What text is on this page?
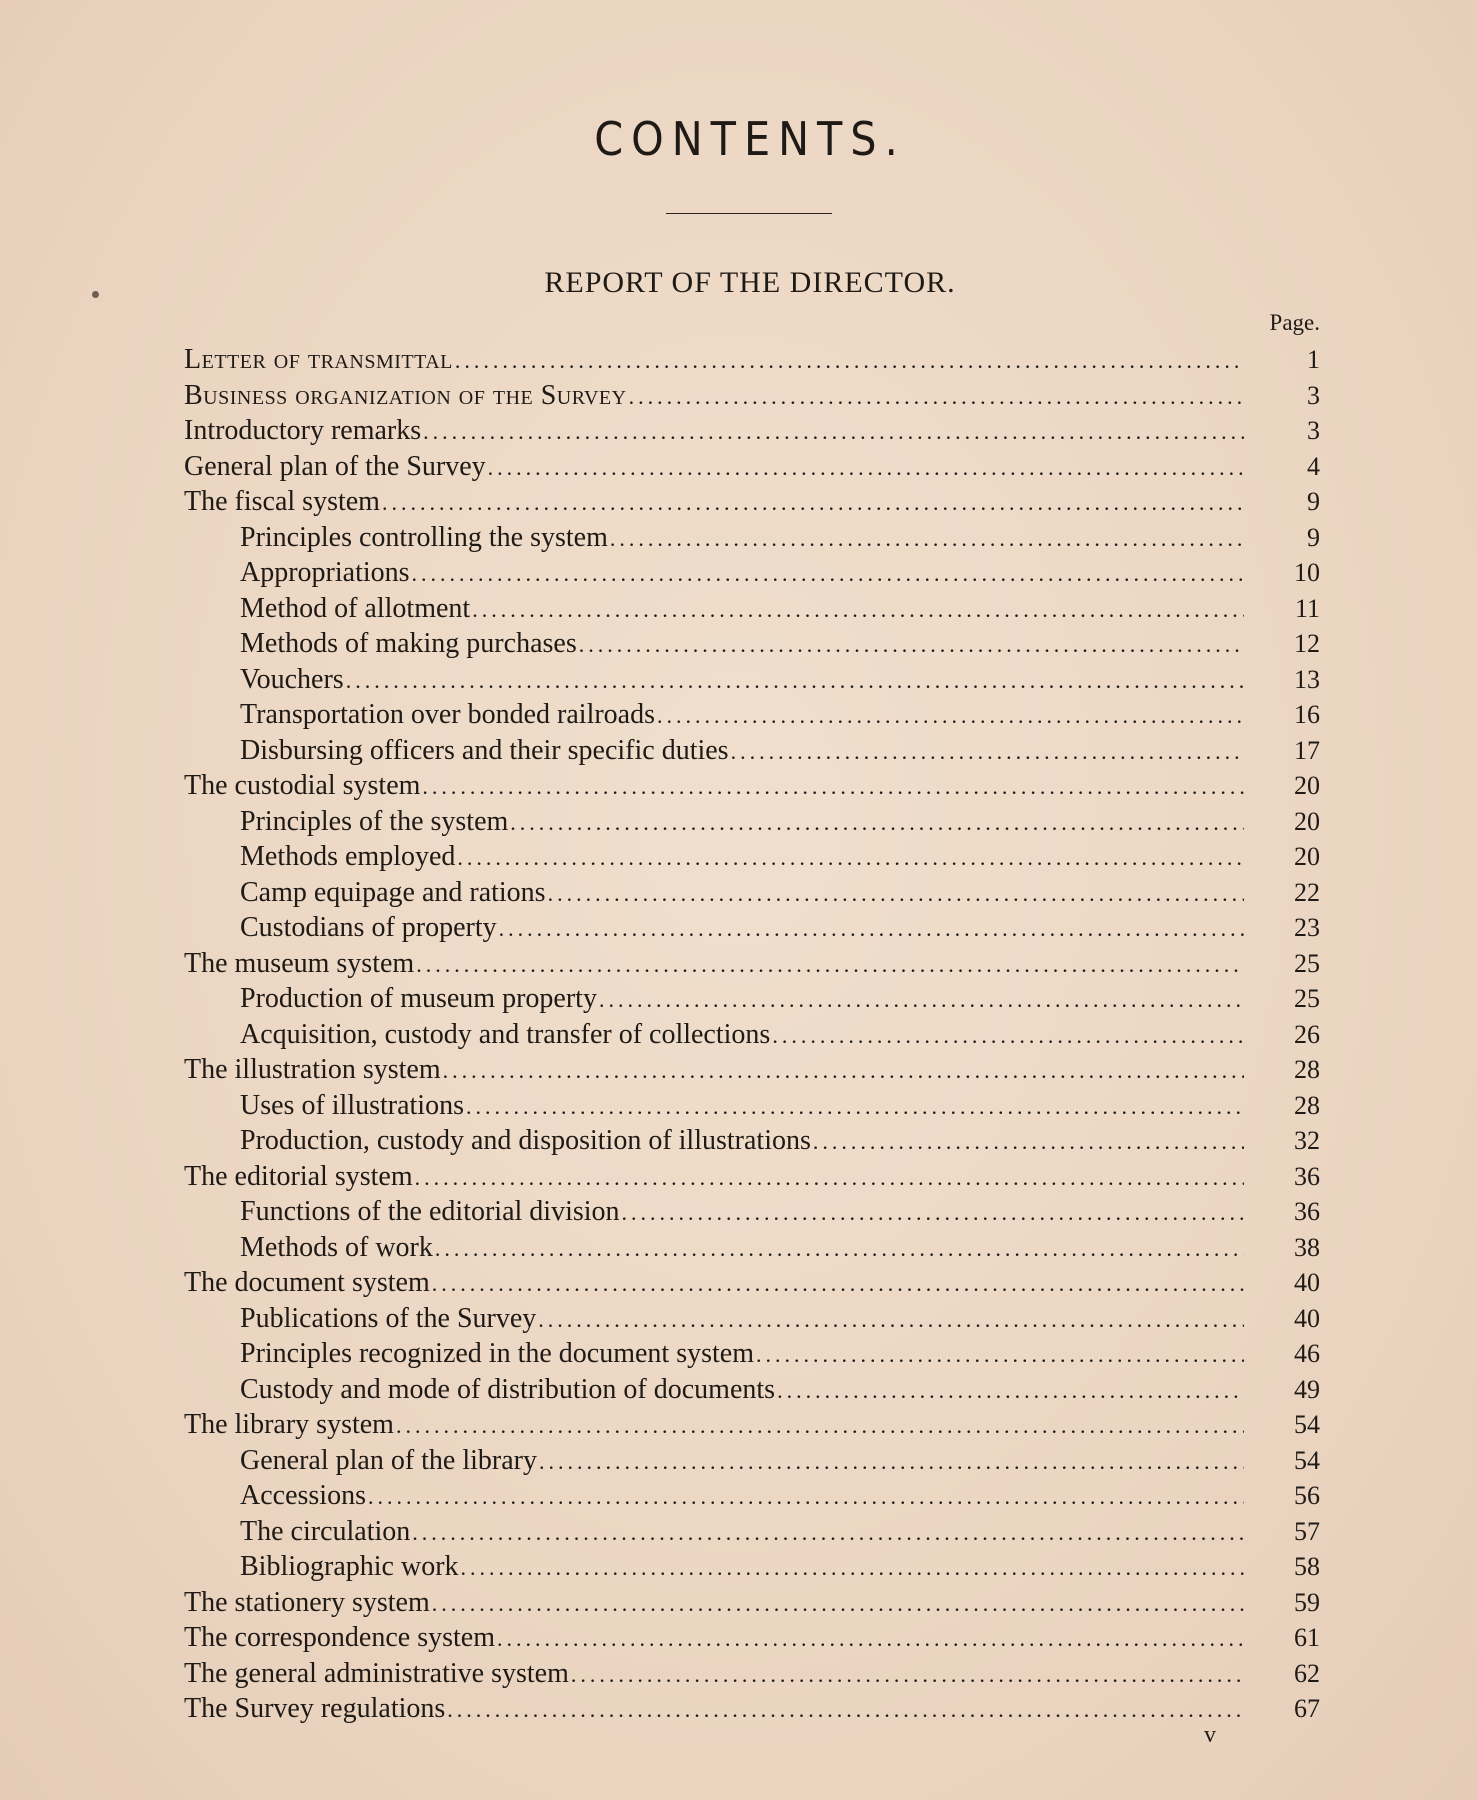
CONTENTS.
REPORT OF THE DIRECTOR.
Page.
Letter of transmittal .....	1
Business organization of the Survey .....	3
Introductory remarks .....	3
General plan of the Survey .....	4
The fiscal system .....	9
Principles controlling the system .....	9
Appropriations .....	10
Method of allotment .....	11
Methods of making purchases .....	12
Vouchers .....	13
Transportation over bonded railroads .....	16
Disbursing officers and their specific duties .....	17
The custodial system .....	20
Principles of the system .....	20
Methods employed .....	20
Camp equipage and rations .....	22
Custodians of property .....	23
The museum system .....	25
Production of museum property .....	25
Acquisition, custody and transfer of collections .....	26
The illustration system .....	28
Uses of illustrations .....	28
Production, custody and disposition of illustrations .....	32
The editorial system .....	36
Functions of the editorial division .....	36
Methods of work .....	38
The document system .....	40
Publications of the Survey .....	40
Principles recognized in the document system .....	46
Custody and mode of distribution of documents .....	49
The library system .....	54
General plan of the library .....	54
Accessions .....	56
The circulation .....	57
Bibliographic work .....	58
The stationery system .....	59
The correspondence system .....	61
The general administrative system .....	62
The Survey regulations .....	67
v
